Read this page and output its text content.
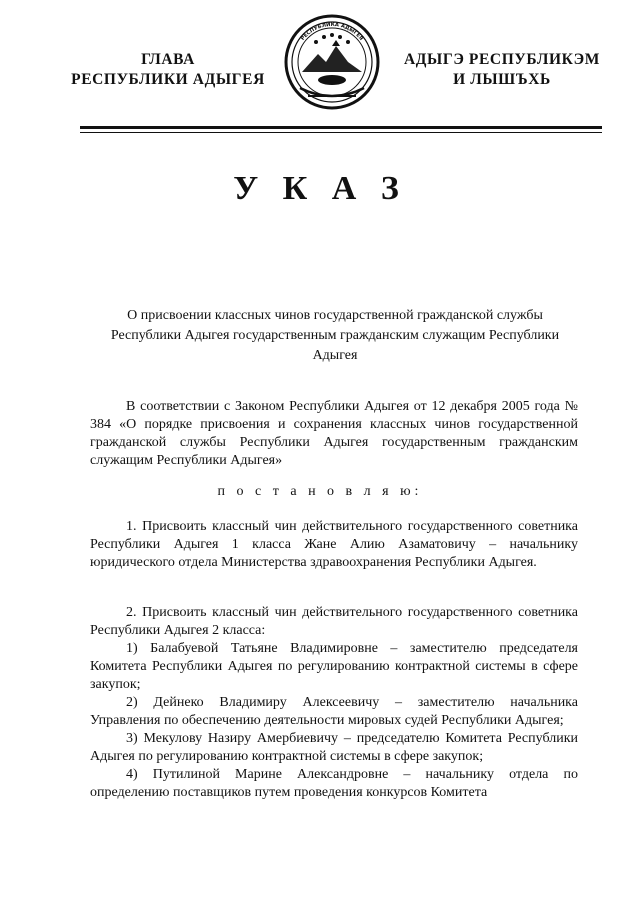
ГЛАВА
РЕСПУБЛИКИ АДЫГЕЯ
РЕСПУБЛИКА АДЫГЕЯ
АДЫГЭ РЕСПУБЛИКЭМ
И ЛЫШЪХЬ
У К А З
О присвоении классных чинов государственной гражданской службы Республики Адыгея государственным гражданским служащим Республики Адыгея
В соответствии с Законом Республики Адыгея от 12 декабря 2005 года № 384 «О порядке присвоения и сохранения классных чинов государственной гражданской службы Республики Адыгея государственным гражданским служащим Республики Адыгея»
п о с т а н о в л я ю:
1. Присвоить классный чин действительного государственного советника Республики Адыгея 1 класса Жане Алию Азаматовичу – начальнику юридического отдела Министерства здравоохранения Республики Адыгея.

2. Присвоить классный чин действительного государственного советника Республики Адыгея 2 класса:

1) Балабуевой Татьяне Владимировне – заместителю председателя Комитета Республики Адыгея по регулированию контрактной системы в сфере закупок;

2) Дейнеко Владимиру Алексеевичу – заместителю начальника Управления по обеспечению деятельности мировых судей Республики Адыгея;

3) Мекулову Назиру Амербиевичу – председателю Комитета Республики Адыгея по регулированию контрактной системы в сфере закупок;

4) Путилиной Марине Александровне – начальнику отдела по определению поставщиков путем проведения конкурсов Комитета
